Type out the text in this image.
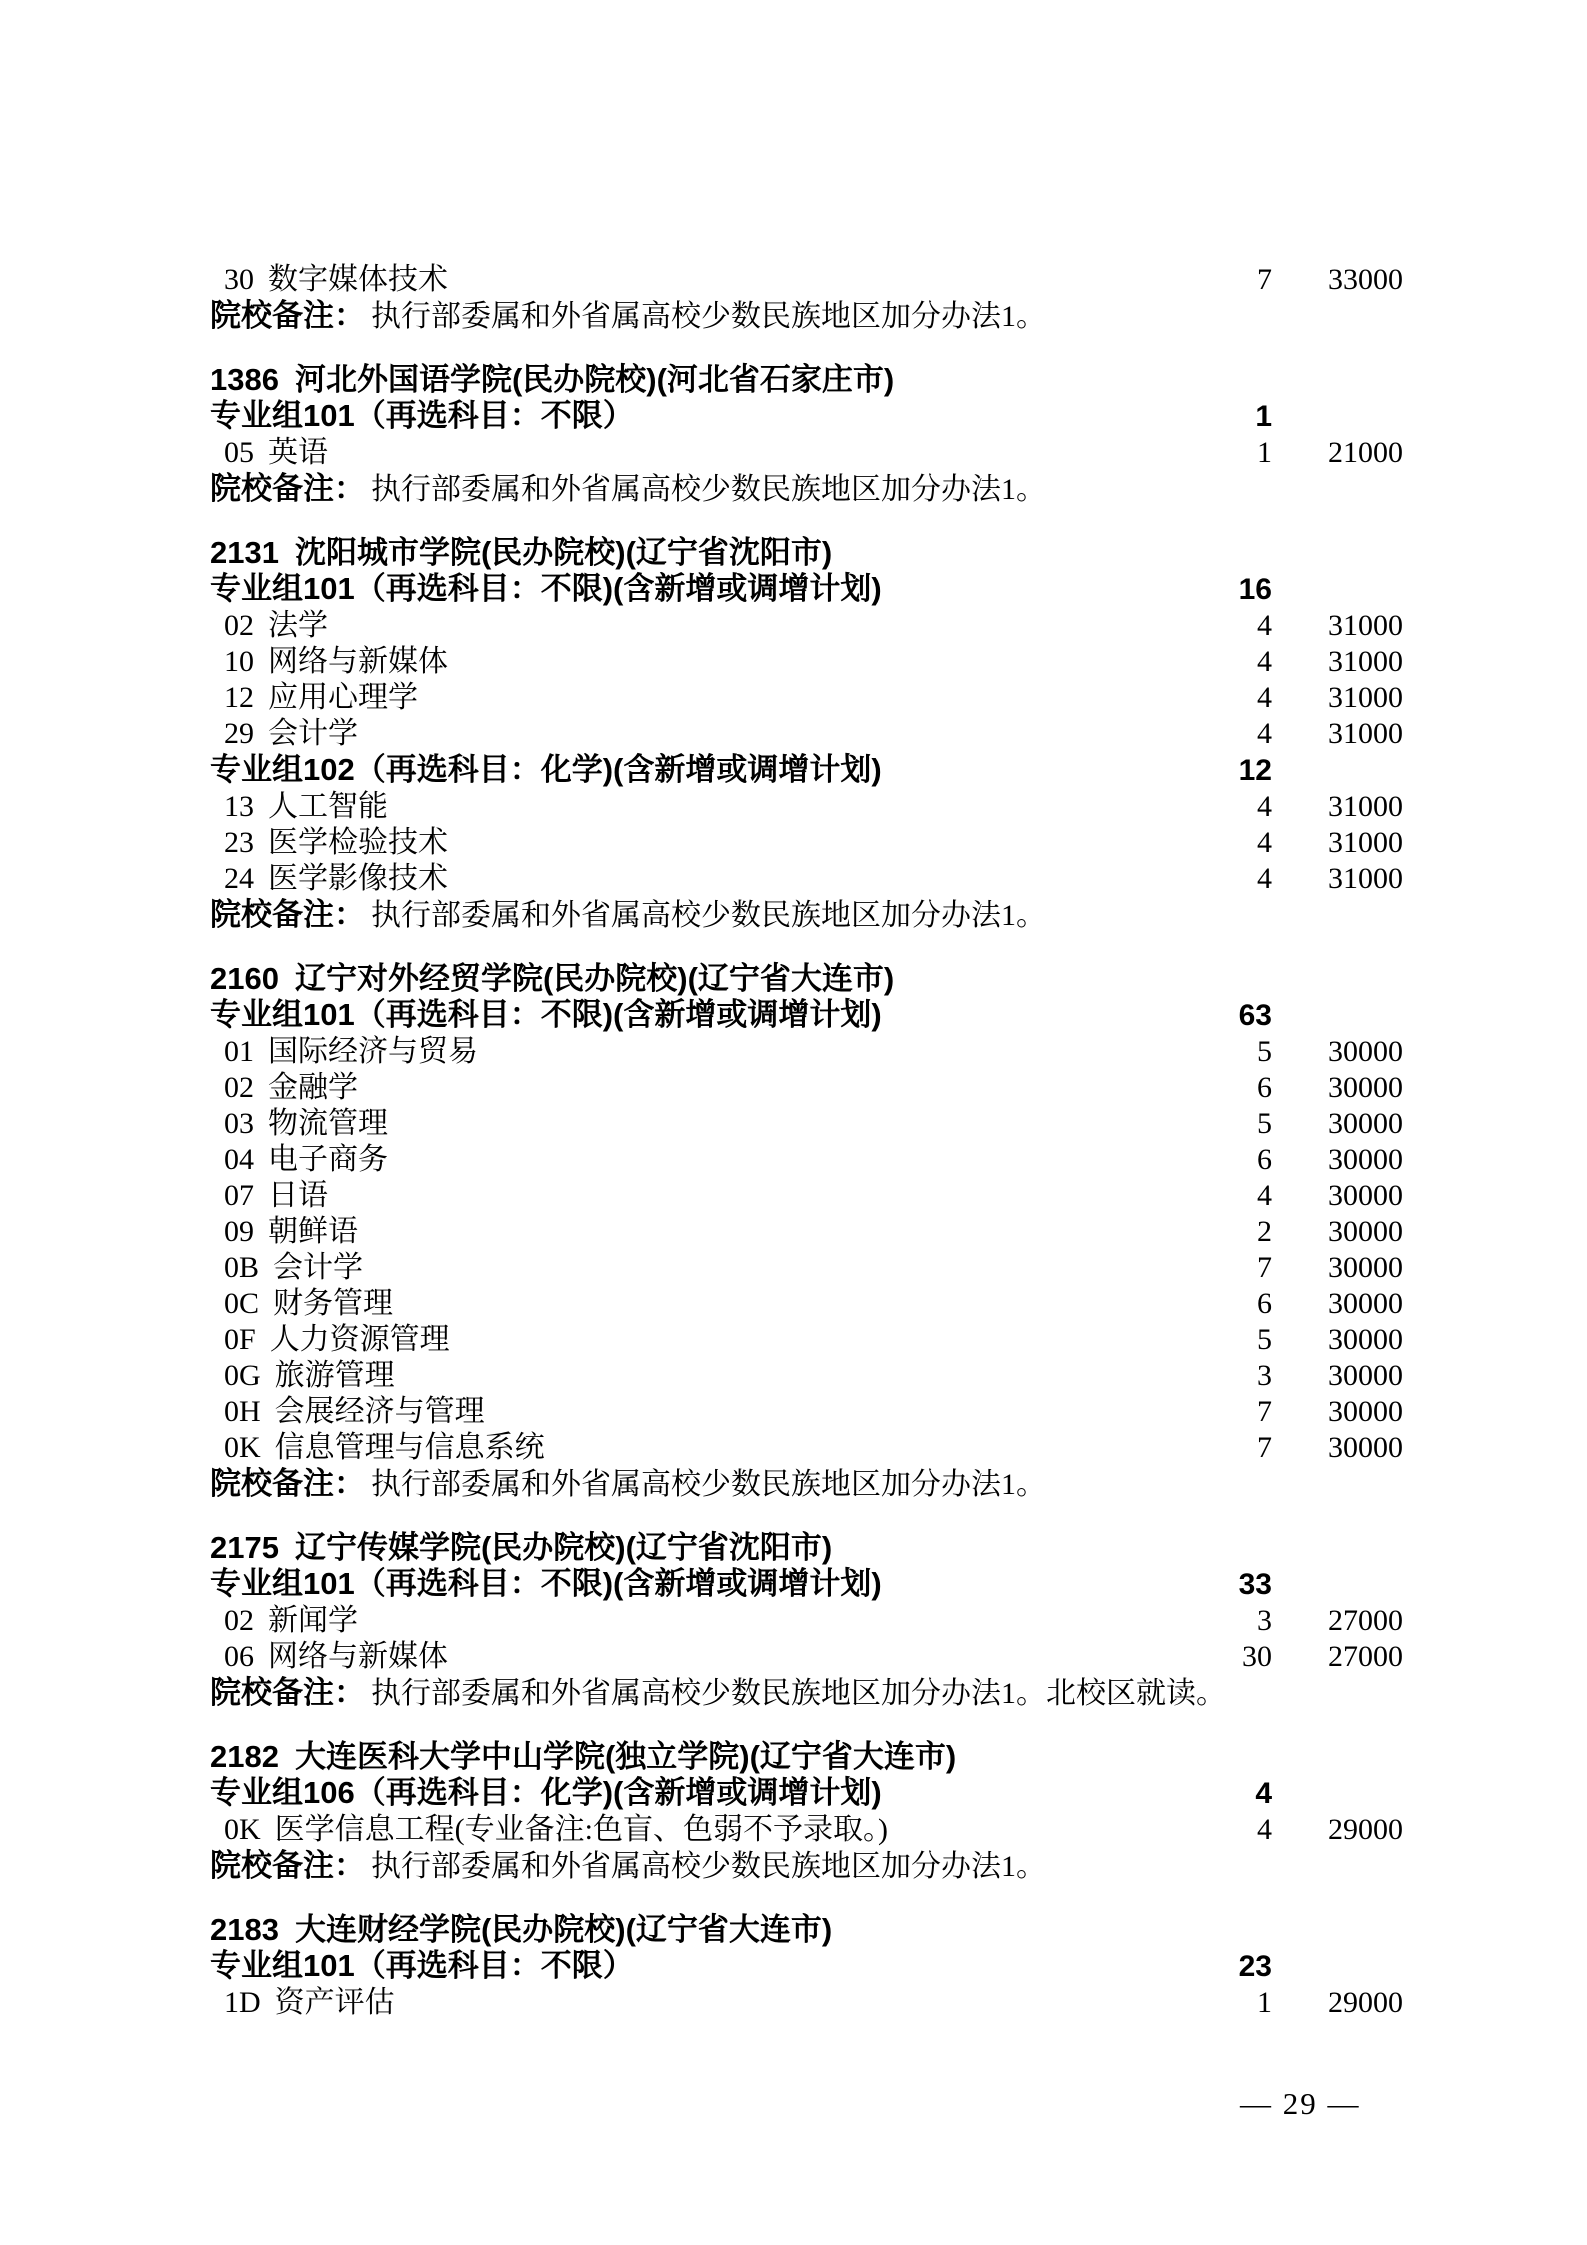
30 数字媒体技术	7	33000
院校备注： 执行部委属和外省属高校少数民族地区加分办法1。
1386 河北外国语学院(民办院校)(河北省石家庄市)
专业组101（再选科目：不限）	1
05 英语	1	21000
院校备注： 执行部委属和外省属高校少数民族地区加分办法1。
2131 沈阳城市学院(民办院校)(辽宁省沈阳市)
专业组101（再选科目：不限)(含新增或调增计划)	16
02 法学	4	31000
10 网络与新媒体	4	31000
12 应用心理学	4	31000
29 会计学	4	31000
专业组102（再选科目：化学)(含新增或调增计划)	12
13 人工智能	4	31000
23 医学检验技术	4	31000
24 医学影像技术	4	31000
院校备注： 执行部委属和外省属高校少数民族地区加分办法1。
2160 辽宁对外经贸学院(民办院校)(辽宁省大连市)
专业组101（再选科目：不限)(含新增或调增计划)	63
01 国际经济与贸易	5	30000
02 金融学	6	30000
03 物流管理	5	30000
04 电子商务	6	30000
07 日语	4	30000
09 朝鲜语	2	30000
0B 会计学	7	30000
0C 财务管理	6	30000
0F 人力资源管理	5	30000
0G 旅游管理	3	30000
0H 会展经济与管理	7	30000
0K 信息管理与信息系统	7	30000
院校备注： 执行部委属和外省属高校少数民族地区加分办法1。
2175 辽宁传媒学院(民办院校)(辽宁省沈阳市)
专业组101（再选科目：不限)(含新增或调增计划)	33
02 新闻学	3	27000
06 网络与新媒体	30	27000
院校备注： 执行部委属和外省属高校少数民族地区加分办法1。北校区就读。
2182 大连医科大学中山学院(独立学院)(辽宁省大连市)
专业组106（再选科目：化学)(含新增或调增计划)	4
0K 医学信息工程(专业备注:色盲、色弱不予录取。)	4	29000
院校备注： 执行部委属和外省属高校少数民族地区加分办法1。
2183 大连财经学院(民办院校)(辽宁省大连市)
专业组101（再选科目：不限）	23
1D 资产评估	1	29000
— 29 —
